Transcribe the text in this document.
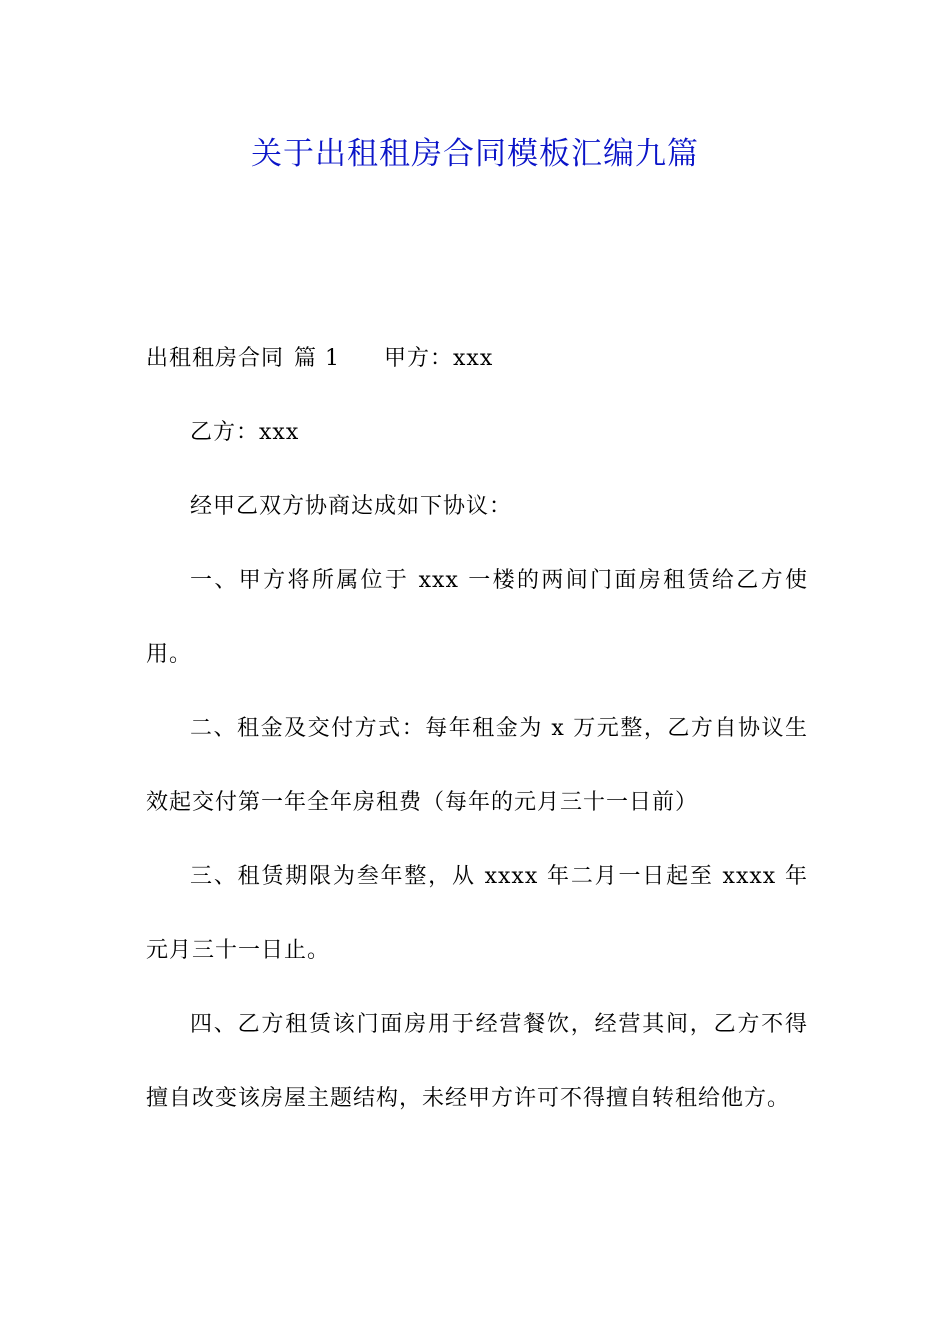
关于出租租房合同模板汇编九篇

出租租房合同 篇 1 甲方：xxx

乙方：xxx

经甲乙双方协商达成如下协议：

一、甲方将所属位于 xxx 一楼的两间门面房租赁给乙方使用。

二、租金及交付方式：每年租金为 x 万元整，乙方自协议生效起交付第一年全年房租费（每年的元月三十一日前）

三、租赁期限为叁年整，从 xxxx 年二月一日起至 xxxx 年元月三十一日止。

四、乙方租赁该门面房用于经营餐饮，经营其间，乙方不得擅自改变该房屋主题结构，未经甲方许可不得擅自转租给他方。
